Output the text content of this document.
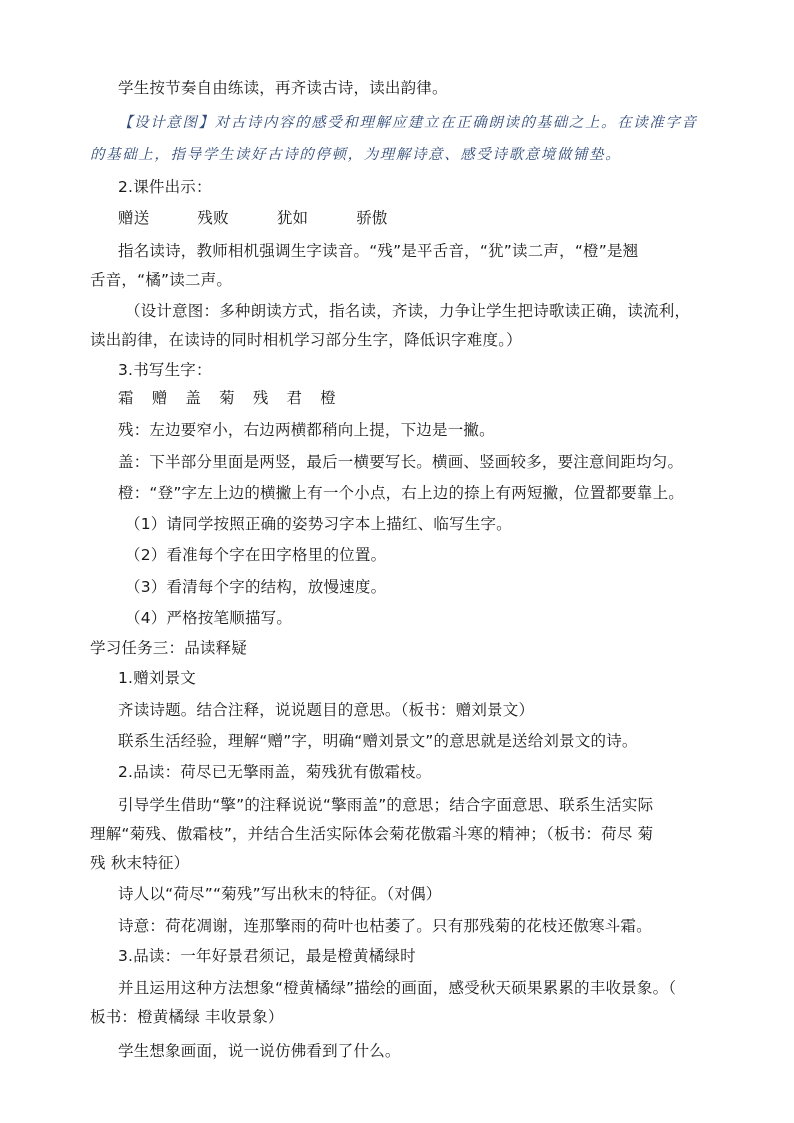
学生按节奏自由练读，再齐读古诗，读出韵律。
【设计意图】对古诗内容的感受和理解应建立在正确朗读的基础之上。在读准字音
的基础上，指导学生读好古诗的停顿，为理解诗意、感受诗歌意境做铺垫。
2.课件出示：
赠送	残败	犹如	骄傲
指名读诗，教师相机强调生字读音。“残”是平舌音，“犹”读二声，“橙”是翘
舌音，“橘”读二声。
（设计意图：多种朗读方式，指名读，齐读，力争让学生把诗歌读正确，读流利，
读出韵律，在读诗的同时相机学习部分生字，降低识字难度。）
3.书写生字：
霜 赠 盖 菊 残 君 橙
残：左边要窄小，右边两横都稍向上提，下边是一撇。
盖：下半部分里面是两竖，最后一横要写长。横画、竖画较多，要注意间距均匀。
橙：“登”字左上边的横撇上有一个小点，右上边的捺上有两短撇，位置都要靠上。
（1）请同学按照正确的姿势习字本上描红、临写生字。
（2）看准每个字在田字格里的位置。
（3）看清每个字的结构，放慢速度。
（4）严格按笔顺描写。
学习任务三：品读释疑
1.赠刘景文
齐读诗题。结合注释，说说题目的意思。（板书：赠刘景文）
联系生活经验，理解“赠”字，明确“赠刘景文”的意思就是送给刘景文的诗。
2.品读：荷尽已无擎雨盖，菊残犹有傲霜枝。
引导学生借助“擎”的注释说说“擎雨盖”的意思；结合字面意思、联系生活实际
理解“菊残、傲霜枝”，并结合生活实际体会菊花傲霜斗寒的精神；（板书：荷尽 菊
残 秋末特征）
诗人以“荷尽”“菊残”写出秋末的特征。（对偶）
诗意：荷花凋谢，连那擎雨的荷叶也枯萎了。只有那残菊的花枝还傲寒斗霜。
3.品读：一年好景君须记，最是橙黄橘绿时
并且运用这种方法想象“橙黄橘绿”描绘的画面，感受秋天硕果累累的丰收景象。（
板书：橙黄橘绿 丰收景象）
学生想象画面，说一说仿佛看到了什么。
